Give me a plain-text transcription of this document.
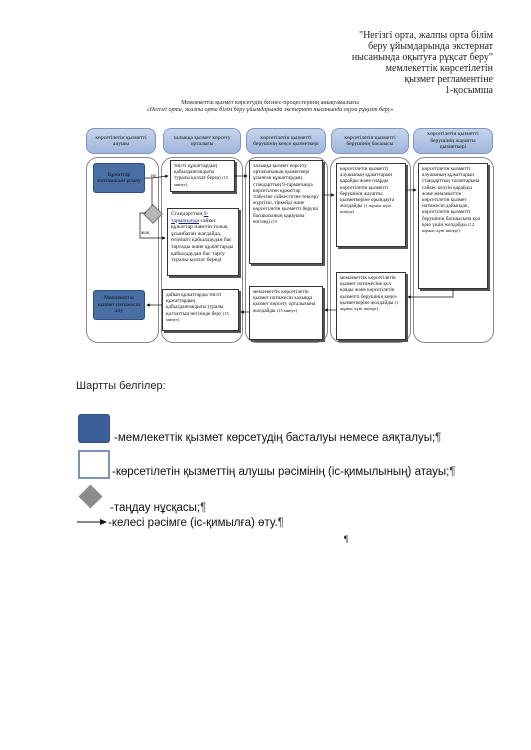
"Негізгі орта, жалпы орта білім
беру ұйымдарында экстернат
нысанында оқытуға рұқсат беру"
мемлекеттік көрсетілетін
қызмет регламентіне
1-қосымша
Мемлекеттік қызмет көрсетудің бизнес-процестерінің анықтамалығы
«Негізгі орта, жалпы орта білім беру ұйымдарында экстернат нысанында оқуға рұқсат беру»
көрсетілетін қызметті алушы
халыққа қызмет көрсету орталығы
көрсетілетін қызметті берушінің кеңсе қызметкері
көрсетілетін қызметті берушінің басшысы
көрсетілетін қызметті берушінің жауапты қызметкері
Құжаттар топтамасын ұсыну
Мемлекеттік қызмет нәтижесін алу
иә
жоқ
тиісті құжаттардың қабылданғандығы туралы қолхат береді (15 минут)
Стандарттың 9-тармағында сәйкес құжаттар пакетін толық ұсынбаған жағдайда, өтінішті қабылдаудан бас тартады және құжаттарды қабылдаудан бас тарту туралы қолхат береді
дайын құжаттарды тиісті құжаттардың қабылданғандығы туралы қолхаттың негізінде беру (15 минут)
халыққа қызмет көрсету орталығының қызметкері ұсынған құжаттардың стандарттың 9-тармағында көрсетілген құжаттар тізбесіне сәйкестігіне тексеру жүргізіп, тіркейді және көрсетілетін қызметті беруші басшысының қарауына енгізеді (15
мемлекеттік көрсетілетін қызмет нәтижесін халыққа қызмет көрсету орталығына жолдайды (15 минут)
көрсетілетін қызметті алушының құжаттарын қарайды және оларды көрсетілетін қызметті берушінің жауапты қызметкеріне орындауға жолдайды (1 жұмыс күні ішінде)
мемлекеттік көрсетілетін қызмет нәтижесіне қол қояды және көрсетілетін қызметті берушінің кеңсе қызметкеріне жолдайды (1 жұмыс күні ішінде)
көрсетілетін қызметті алушының құжаттарын стандарттың талаптарына сәйкес келуін қарайды және мемлекеттік көрсетілетін қызмет нәтижесін дайындап, көрсетілетін қызметті берушінің басшысына қол қою үшін жолдайды (12 жұмыс күні ішінде)
Шартты белгілер:
-мемлекеттік қызмет көрсетудің басталуы немесе аяқталуы;¶
-көрсетілетін қызметтің алушы рәсімінің (іс-қимылының) атауы;¶
-таңдау нұсқасы;¶
-келесі рәсімге (іс-қимылға) өту.¶
¶
